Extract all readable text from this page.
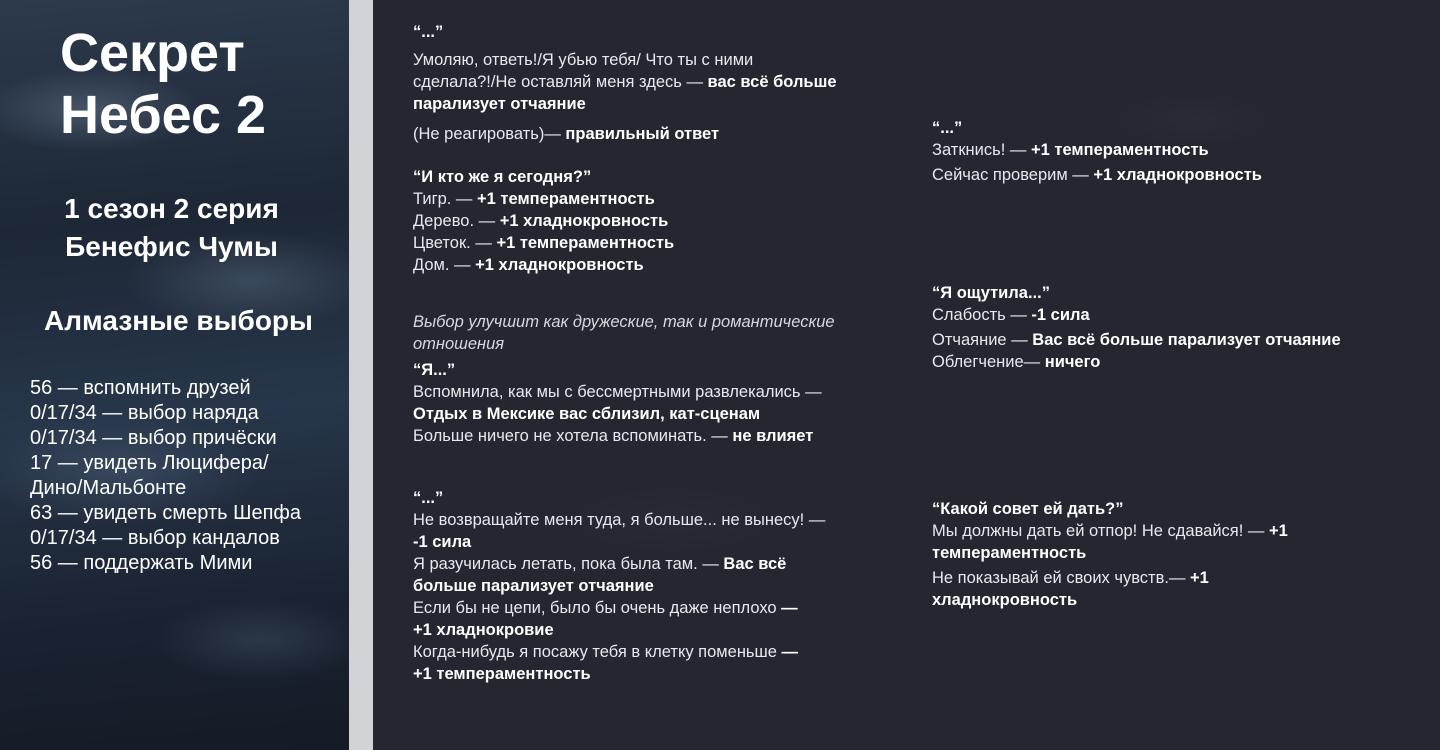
Секрет
Небес 2
1 сезон 2 серия
Бенефис Чумы
Алмазные выборы
56 — вспомнить друзей
0/17/34 — выбор наряда
0/17/34 — выбор причёски
17 — увидеть Люцифера/
Дино/Мальбонте
63 — увидеть смерть Шепфа
0/17/34 — выбор кандалов
56 — поддержать Мими
“...”
Умоляю, ответь!/Я убью тебя/ Что ты с ними
сделала?!/Не оставляй меня здесь — вас всё больше
парализует отчаяние
(Не реагировать)— правильный ответ
“И кто же я сегодня?”
Тигр. — +1 темпераментность
Дерево. — +1 хладнокровность
Цветок. — +1 темпераментность
Дом. — +1 хладнокровность
Выбор улучшит как дружеские, так и романтические
отношения
“Я...”
Вспомнила, как мы с бессмертными развлекались —
Отдых в Мексике вас сблизил, кат-сценам
Больше ничего не хотела вспоминать. — не влияет
“...”
Не возвращайте меня туда, я больше... не вынесу! —
-1 сила
Я разучилась летать, пока была там. — Вас всё
больше парализует отчаяние
Если бы не цепи, было бы очень даже неплохо —
+1 хладнокровие
Когда-нибудь я посажу тебя в клетку поменьше —
+1 темпераментность
“...”
Заткнись! — +1 темпераментность
Сейчас проверим — +1 хладнокровность
“Я ощутила...”
Слабость — -1 сила
Отчаяние — Вас всё больше парализует отчаяние
Облегчение— ничего
“Какой совет ей дать?”
Мы должны дать ей отпор! Не сдавайся! — +1
темпераментность
Не показывай ей своих чувств.— +1
хладнокровность
